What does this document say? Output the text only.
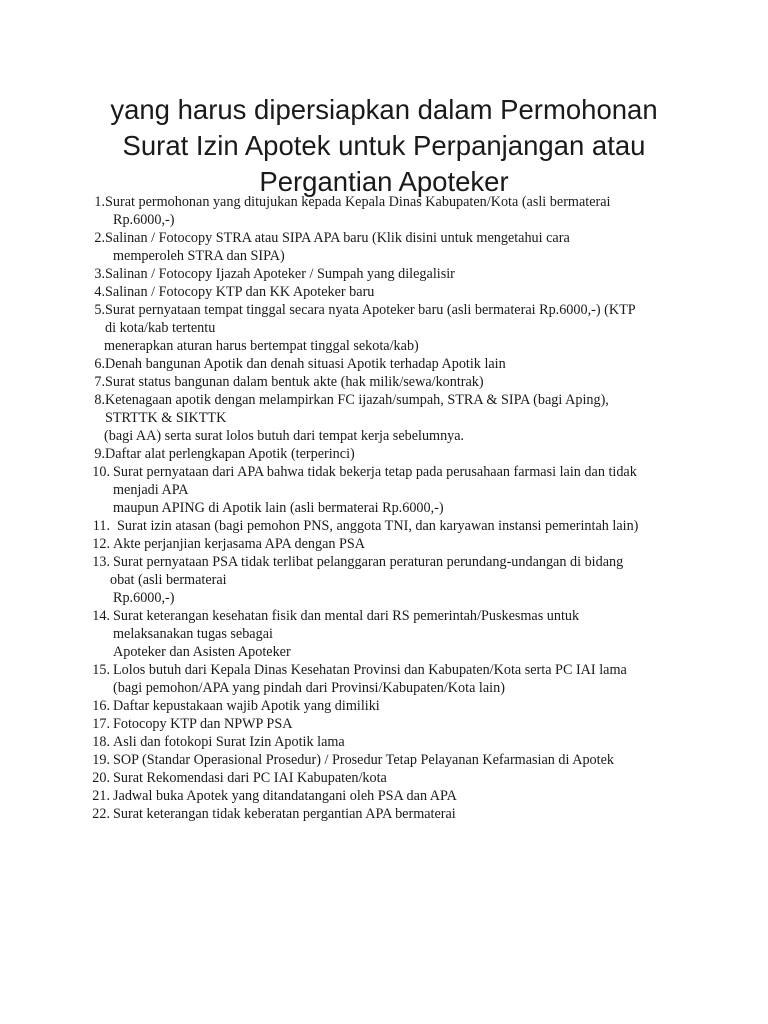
yang harus dipersiapkan dalam Permohonan
Surat Izin Apotek untuk Perpanjangan atau
Pergantian Apoteker
1. Surat permohonan yang ditujukan kepada Kepala Dinas Kabupaten/Kota (asli bermaterai
Rp.6000,-)
2. Salinan / Fotocopy STRA atau SIPA APA baru (Klik disini untuk mengetahui cara
memperoleh STRA dan SIPA)
3. Salinan / Fotocopy Ijazah Apoteker / Sumpah yang dilegalisir
4. Salinan / Fotocopy KTP dan KK Apoteker baru
5. Surat pernyataan tempat tinggal secara nyata Apoteker baru (asli bermaterai Rp.6000,-) (KTP
di kota/kab tertentu
menerapkan aturan harus bertempat tinggal sekota/kab)
6. Denah bangunan Apotik dan denah situasi Apotik terhadap Apotik lain
7. Surat status bangunan dalam bentuk akte (hak milik/sewa/kontrak)
8. Ketenagaan apotik dengan melampirkan FC ijazah/sumpah, STRA & SIPA (bagi Aping),
STRTTK & SIKTTK
(bagi AA) serta surat lolos butuh dari tempat kerja sebelumnya.
9. Daftar alat perlengkapan Apotik (terperinci)
10. Surat pernyataan dari APA bahwa tidak bekerja tetap pada perusahaan farmasi lain dan tidak
menjadi APA
maupun APING di Apotik lain (asli bermaterai Rp.6000,-)
11. Surat izin atasan (bagi pemohon PNS, anggota TNI, dan karyawan instansi pemerintah lain)
12. Akte perjanjian kerjasama APA dengan PSA
13. Surat pernyataan PSA tidak terlibat pelanggaran peraturan perundang-undangan di bidang
obat (asli bermaterai
Rp.6000,-)
14. Surat keterangan kesehatan fisik dan mental dari RS pemerintah/Puskesmas untuk
melaksanakan tugas sebagai
Apoteker dan Asisten Apoteker
15. Lolos butuh dari Kepala Dinas Kesehatan Provinsi dan Kabupaten/Kota serta PC IAI lama
(bagi pemohon/APA yang pindah dari Provinsi/Kabupaten/Kota lain)
16. Daftar kepustakaan wajib Apotik yang dimiliki
17. Fotocopy KTP dan NPWP PSA
18. Asli dan fotokopi Surat Izin Apotik lama
19. SOP (Standar Operasional Prosedur) / Prosedur Tetap Pelayanan Kefarmasian di Apotek
20. Surat Rekomendasi dari PC IAI Kabupaten/kota
21. Jadwal buka Apotek yang ditandatangani oleh PSA dan APA
22. Surat keterangan tidak keberatan pergantian APA bermaterai
